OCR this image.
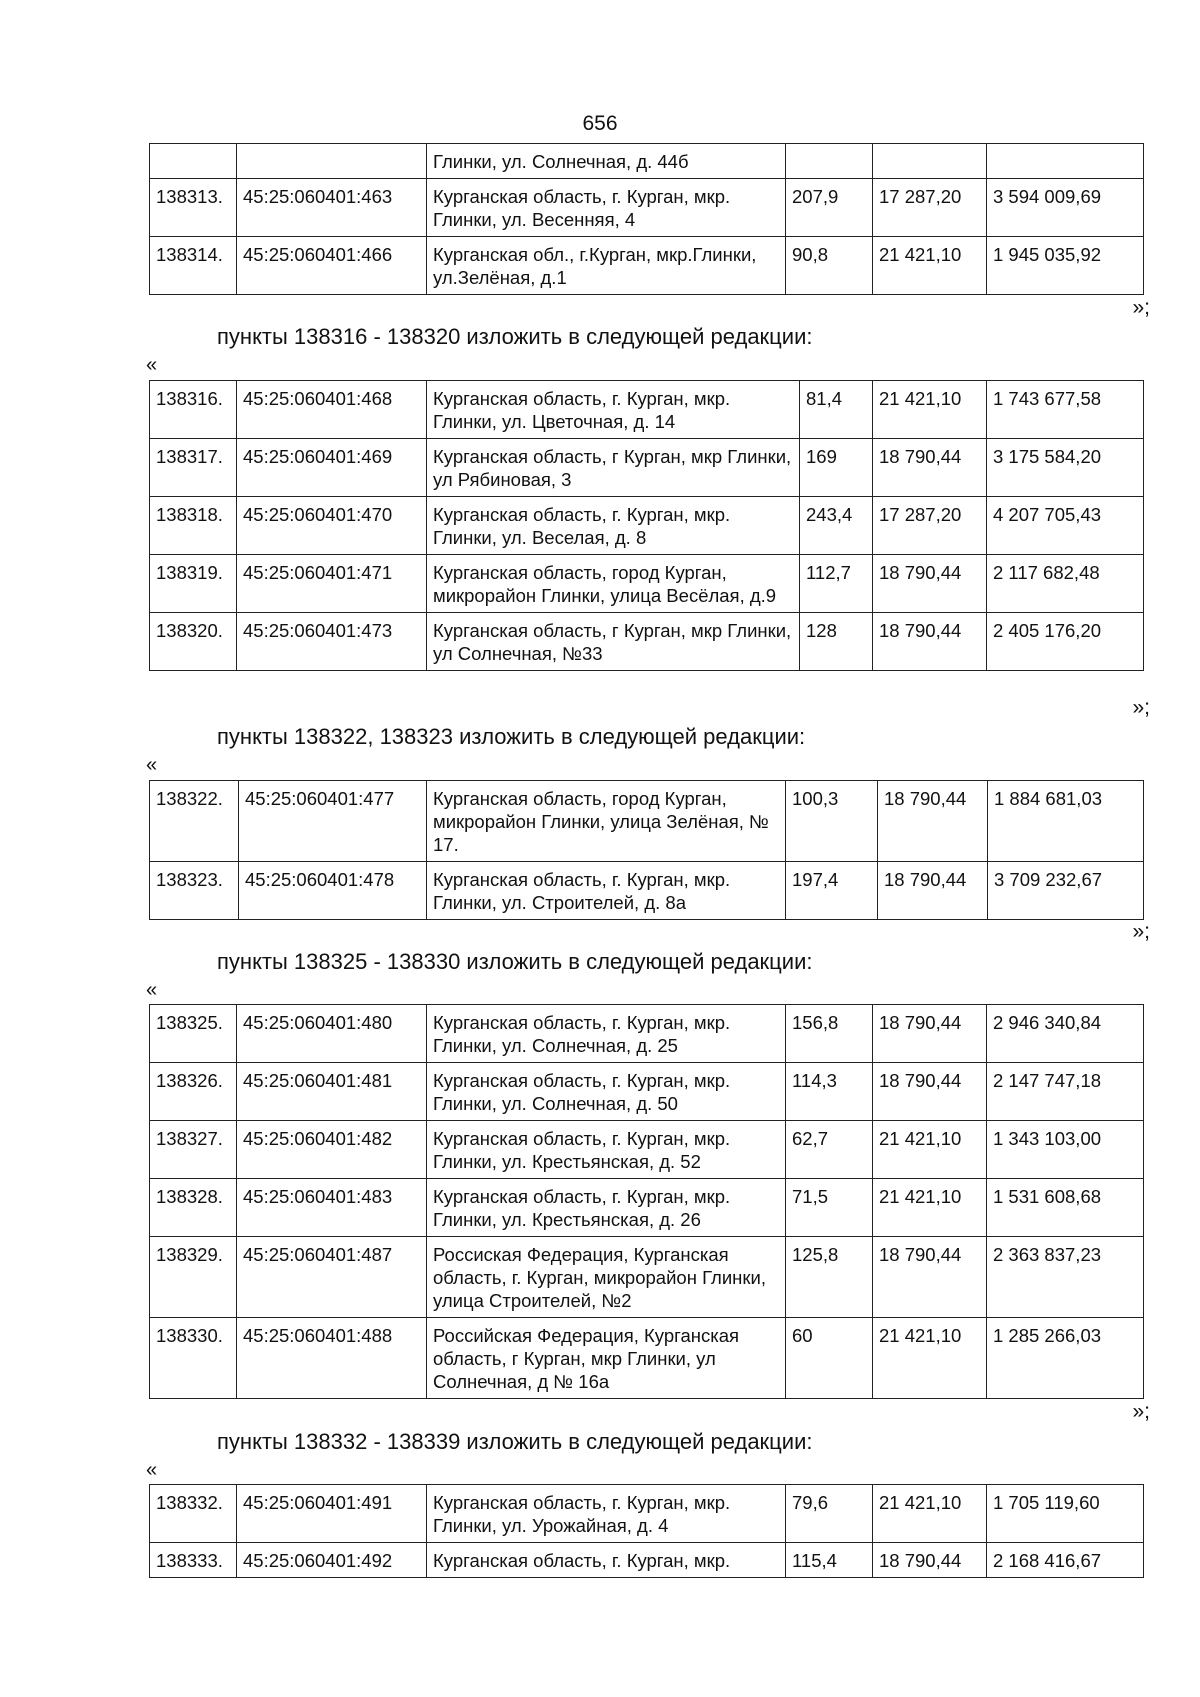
656
		Глинки, ул. Солнечная, д. 44б			
138313.	45:25:060401:463	Курганская область, г. Курган, мкр. Глинки, ул. Весенняя, 4	207,9	17 287,20	3 594 009,69
138314.	45:25:060401:466	Курганская обл., г.Курган, мкр.Глинки, ул.Зелёная, д.1	90,8	21 421,10	1 945 035,92
»;
пункты 138316 - 138320 изложить в следующей редакции:
«
138316.	45:25:060401:468	Курганская область, г. Курган, мкр. Глинки, ул. Цветочная, д. 14	81,4	21 421,10	1 743 677,58
138317.	45:25:060401:469	Курганская область, г Курган, мкр Глинки, ул Рябиновая, 3	169	18 790,44	3 175 584,20
138318.	45:25:060401:470	Курганская область, г. Курган, мкр. Глинки, ул. Веселая, д. 8	243,4	17 287,20	4 207 705,43
138319.	45:25:060401:471	Курганская область, город Курган, микрорайон Глинки, улица Весёлая, д.9	112,7	18 790,44	2 117 682,48
138320.	45:25:060401:473	Курганская область, г Курган, мкр Глинки, ул Солнечная, №33	128	18 790,44	2 405 176,20
»;
пункты 138322, 138323 изложить в следующей редакции:
«
138322.	45:25:060401:477	Курганская область, город Курган, микрорайон Глинки, улица Зелёная, № 17.	100,3	18 790,44	1 884 681,03
138323.	45:25:060401:478	Курганская область, г. Курган, мкр. Глинки, ул. Строителей, д. 8а	197,4	18 790,44	3 709 232,67
»;
пункты 138325 - 138330 изложить в следующей редакции:
«
138325.	45:25:060401:480	Курганская область, г. Курган, мкр. Глинки, ул. Солнечная, д. 25	156,8	18 790,44	2 946 340,84
138326.	45:25:060401:481	Курганская область, г. Курган, мкр. Глинки, ул. Солнечная, д. 50	114,3	18 790,44	2 147 747,18
138327.	45:25:060401:482	Курганская область, г. Курган, мкр. Глинки, ул. Крестьянская, д. 52	62,7	21 421,10	1 343 103,00
138328.	45:25:060401:483	Курганская область, г. Курган, мкр. Глинки, ул. Крестьянская, д. 26	71,5	21 421,10	1 531 608,68
138329.	45:25:060401:487	Россиская Федерация, Курганская область, г. Курган, микрорайон Глинки, улица Строителей, №2	125,8	18 790,44	2 363 837,23
138330.	45:25:060401:488	Российская Федерация, Курганская область, г Курган, мкр Глинки, ул Солнечная, д № 16а	60	21 421,10	1 285 266,03
»;
пункты 138332 - 138339 изложить в следующей редакции:
«
138332.	45:25:060401:491	Курганская область, г. Курган, мкр. Глинки, ул. Урожайная, д. 4	79,6	21 421,10	1 705 119,60
138333.	45:25:060401:492	Курганская область, г. Курган, мкр.	115,4	18 790,44	2 168 416,67
